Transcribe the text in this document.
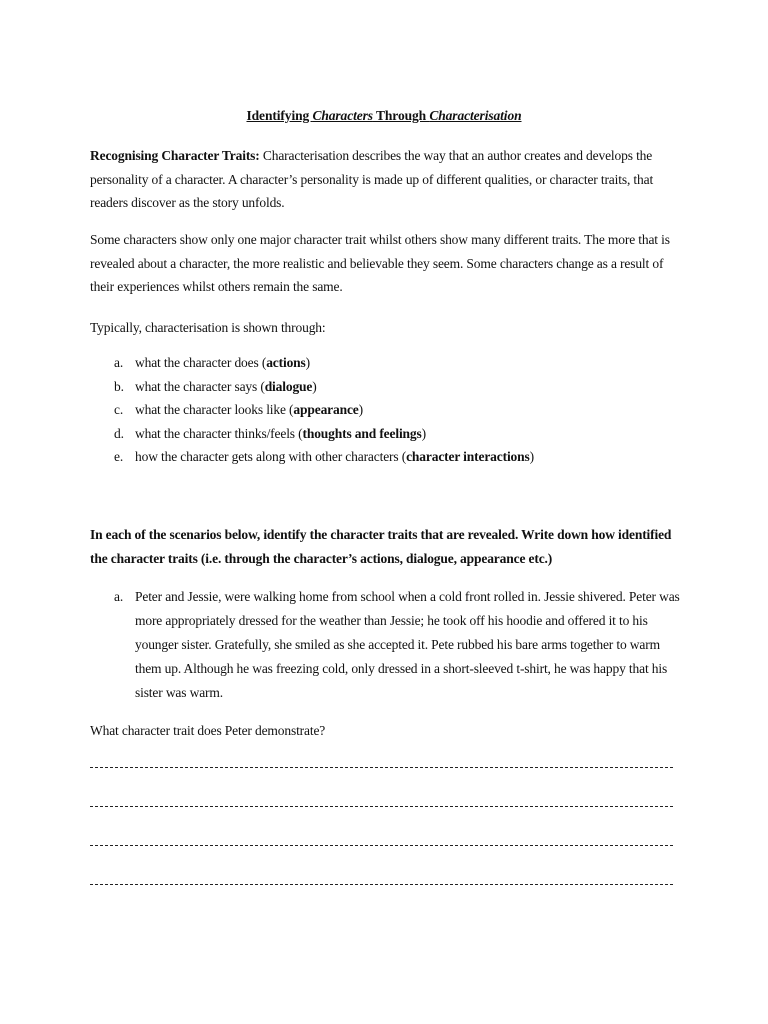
Identifying Characters Through Characterisation
Recognising Character Traits: Characterisation describes the way that an author creates and develops the personality of a character. A character’s personality is made up of different qualities, or character traits, that readers discover as the story unfolds.
Some characters show only one major character trait whilst others show many different traits. The more that is revealed about a character, the more realistic and believable they seem. Some characters change as a result of their experiences whilst others remain the same.
Typically, characterisation is shown through:
a. what the character does (actions)
b. what the character says (dialogue)
c. what the character looks like (appearance)
d. what the character thinks/feels (thoughts and feelings)
e. how the character gets along with other characters (character interactions)
In each of the scenarios below, identify the character traits that are revealed. Write down how identified the character traits (i.e. through the character’s actions, dialogue, appearance etc.)
a. Peter and Jessie, were walking home from school when a cold front rolled in. Jessie shivered. Peter was more appropriately dressed for the weather than Jessie; he took off his hoodie and offered it to his younger sister. Gratefully, she smiled as she accepted it. Pete rubbed his bare arms together to warm them up. Although he was freezing cold, only dressed in a short-sleeved t-shirt, he was happy that his sister was warm.
What character trait does Peter demonstrate?
